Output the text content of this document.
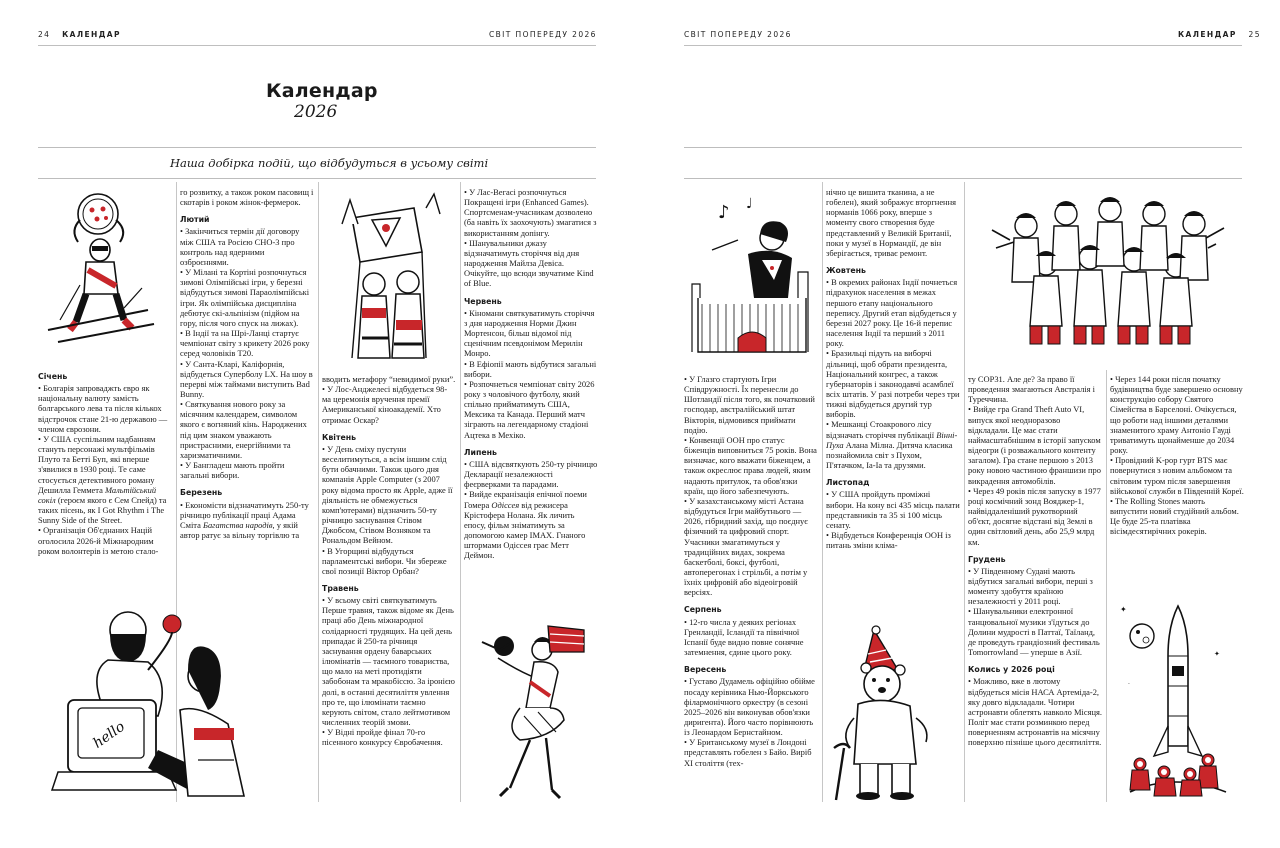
24 КАЛЕНДАР	СВІТ ПОПЕРЕДУ 2026
Календар
2026
Наша добірка подій, що відбудуться в усьому світі

Січень

• Болгарія запроваджть євро як національну валюту замість болгарського лева та після кількох відстрочок стане 21-ю державою — членом єврозони.

• У США суспільним надбанням стануть персонажі мультфільмів Плуто та Бетті Буп, які вперше з'явилися в 1930 році. Те саме стосується детективного роману Дешилла Геммета Мальтійський сокіл (героєм якого є Сем Спейд) та таких пісень, як I Got Rhythm і The Sunny Side of the Street.

• Організація Об'єднаних Націй оголосила 2026-й Міжнародним роком волонтерів із метою стало-

го розвитку, а також роком пасовищ і скотарів і роком жінок-фермерок.

Лютий

• Закінчиться термін дії договору між США та Росією СНО-3 про контроль над ядерними озброєннями.

• У Мілані та Кортіні розпочнуться зимові Олімпійські ігри, у березні відбудуться зимові Параолімпійські ігри. Як олімпійська дисципліна дебютує скі-альпінізм (підйом на гору, після чого спуск на лижах).

• В Індії та на Шрі-Ланці стартує чемпіонат світу з крикету 2026 року серед чоловіків Т20.

• У Санта-Кларі, Каліфорнія, відбудеться Суперболу LX. На шоу в перерві між таймами виступить Bad Bunny.

• Святкування нового року за місячним календарем, символом якого є вогняний кінь. Народжених під цим знаком уважають пристрасними, енергійними та харизматичними.

• У Бангладеш мають пройти загальні вибори.

Березень

• Економісти відзначатимуть 250-ту річницю публікації праці Адама Сміта Багатства народів, у якій автор ратує за вільну торгівлю та

вводить метафору “невидимої руки”.

• У Лос-Анджелесі відбудеться 98-ма церемонія вручення премії Американської кіноакадемії. Хто отримає Оскар?

Квітень

• У День сміху пустуни веселитимуться, а всім іншим слід бути обачними. Також цього дня компанія Apple Computer (з 2007 року відома просто як Apple, адже її діяльність не обмежується комп'ютерами) відзначить 50-ту річницю заснування Стівом Джобсом, Стівом Возняком та Рональдом Вейном.

• В Угорщині відбудуться парламентські вибори. Чи збереже свої позиції Віктор Орбан?

Травень

• У всьому світі святкуватимуть Перше травня, також відоме як День праці або День міжнародної солідарності трудящих. На цей день припадає й 250-та річниця заснування ордену баварських ілюмінатів — таємного товариства, що мало на меті протидіяти забобонам та мракобіссю. За іронією долі, в останні десятиліття увлення про те, що ілюмінати таємно керують світом, стало лейтмотивом численних теорій змови.

• У Відні пройде фінал 70-го пісенного конкурсу Євробачення.

• У Лас-Вегасі розпочнуться Покращені ігри (Enhanced Games). Спортсменам-учасникам дозволено (ба навіть їх заохочують) змагатися з використанням допінгу.

• Шанувальники джазу відзначатимуть сторіччя від дня народження Майлза Девіса. Очікуйте, що всюди звучатиме Kind of Blue.

Червень

• Кіномани святкуватимуть сторіччя з дня народження Норми Джин Мортенсон, більш відомої під сценічним псевдонімом Мерилін Монро.

• В Ефіопії мають відбутися загальні вибори.

• Розпочнеться чемпіонат світу 2026 року з чоловічого футболу, який спільно прийматимуть США, Мексика та Канада. Перший матч зіграють на легендарному стадіоні Ацтека в Мехіко.

Липень

• США відсвяткують 250-ту річницю Декларації незалежності феєрверками та парадами.

• Вийде екранізація епічної поеми Гомера Одіссея від режисера Крістофера Нолана. Як личить епосу, фільм зніматимуть за допомогою камер IMAX. Гнаного штормами Одіссея грає Метт Деймон.

hello
СВІТ ПОПЕРЕДУ 2026	КАЛЕНДАР 25

• У Глазго стартують Ігри Співдружності. Їх перенесли до Шотландії після того, як початковий господар, австралійський штат Вікторія, відмовився приймати подію.

• Конвенції ООН про статус біженців виповниться 75 років. Вона визначає, кого вважати біженцем, а також окреслює права людей, яким надають притулок, та обов'язки країн, що його забезпечують.

• У казахстанському місті Астана відбудуться Ігри майбутнього — 2026, гібридний захід, що поєднує фізичний та цифровий спорт. Учасники змагатимуться у традиційних видах, зокрема баскетболі, боксі, футболі, автоперегонах і стрільбі, а потім у їхніх цифровій або відеоігровій версіях.

Серпень

• 12-го числа у деяких регіонах Гренландії, Ісландії та північної Іспанії буде видно повне сонячне затемнення, єдине цього року.

Вересень

• Густаво Дудамель офіційно обійме посаду керівника Нью-Йоркського філармонічного оркестру (в сезоні 2025–2026 він виконував обов'язки диригента). Його часто порівнюють із Леонардом Бернстайном.

• У Британському музеї в Лондоні представлять гобелен з Байо. Виріб XI століття (тех-

нічно це вишита тканина, а не гобелен), який зображує вторгнення норманів 1066 року, вперше з моменту свого створення буде представлений у Великій Британії, поки у музеї в Нормандії, де він зберігається, триває ремонт.

Жовтень

• В окремих районах Індії почнеться підрахунок населення в межах першого етапу національного перепису. Другий етап відбудеться у березні 2027 року. Це 16-й перепис населення Індії та перший з 2011 року.

• Бразильці підуть на виборчі дільниці, щоб обрати президента, Національний конгрес, а також губернаторів і законодавчі асамблеї всіх штатів. У разі потреби через три тижні відбудеться другий тур виборів.

• Мешканці Стоакрового лісу відзначать сторіччя публікації Вінні-Пуха Алана Мілна. Дитяча класика познайомила світ з Пухом, П'ятачком, Іа-Іа та друзями.

Листопад

• У США пройдуть проміжні вибори. На кону всі 435 місць палати представників та 35 зі 100 місць сенату.

• Відбудеться Конференція ООН із питань зміни кліма-

ту COP31. Але де? За право її проведення змагаються Австралія і Туреччина.

• Вийде гра Grand Theft Auto VI, випуск якої неодноразово відкладали. Це має стати наймасштабнішим в історії запуском відеогри (і розважального контенту загалом). Гра стане першою з 2013 року новою частиною франшизи про викрадення автомобілів.

• Через 49 років після запуску в 1977 році космічний зонд Вояджер-1, найвіддаленіший рукотворний об'єкт, досягне відстані від Землі в один світловий день, або 25,9 млрд км.

Грудень

• У Південному Судані мають відбутися загальні вибори, перші з моменту здобуття країною незалежності у 2011 році.

• Шанувальники електронної танцювальної музики з'їдуться до Долини мудрості в Паттаї, Таїланд, де проведуть грандіозний фестиваль Tomorrowland — уперше в Азії.

Колись у 2026 році

• Можливо, вже в лютому відбудеться місія НАСА Артеміда-2, яку довго відкладали. Чотири астронавти облетять навколо Місяця. Політ має стати розминкою перед поверненням астронавтів на місячну поверхню пізніше цього десятиліття.

• Через 144 роки після початку будівництва буде завершено основну конструкцію собору Святого Сімейства в Барселоні. Очікується, що роботи над іншими деталями знаменитого храму Антоніо Гауді триватимуть щонайменше до 2034 року.

• Провідний K-pop гурт BTS має повернутися з новим альбомом та світовим туром після завершення військової служби в Південній Кореї.

• The Rolling Stones мають випустити новий студійний альбом. Це буде 25-та платівка вісімдесятирічних рокерів.

♪ ♩
✦
✦
·
